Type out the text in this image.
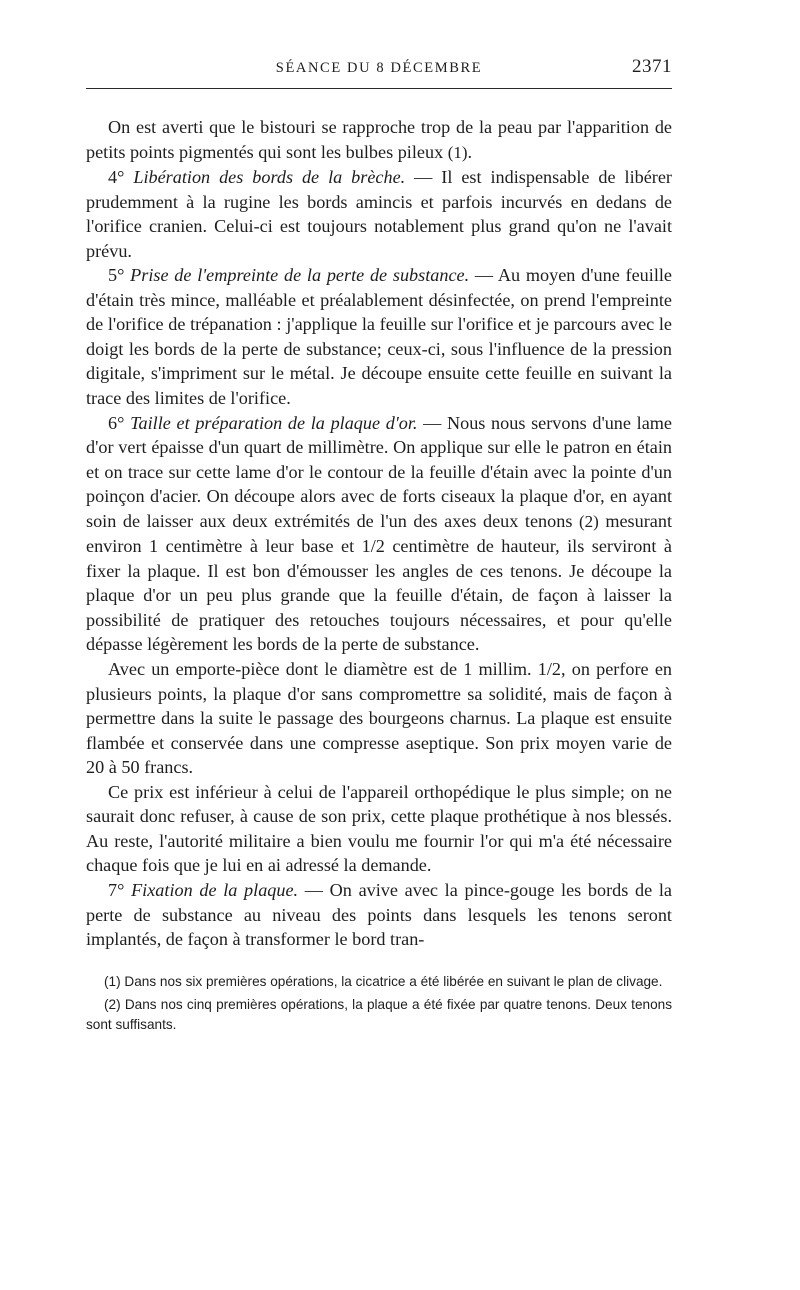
SÉANCE DU 8 DÉCEMBRE	2371

On est averti que le bistouri se rapproche trop de la peau par l'apparition de petits points pigmentés qui sont les bulbes pileux (1).

4° Libération des bords de la brèche. — Il est indispensable de libérer prudemment à la rugine les bords amincis et parfois incurvés en dedans de l'orifice cranien. Celui-ci est toujours notablement plus grand qu'on ne l'avait prévu.

5° Prise de l'empreinte de la perte de substance. — Au moyen d'une feuille d'étain très mince, malléable et préalablement désinfectée, on prend l'empreinte de l'orifice de trépanation : j'applique la feuille sur l'orifice et je parcours avec le doigt les bords de la perte de substance; ceux-ci, sous l'influence de la pression digitale, s'impriment sur le métal. Je découpe ensuite cette feuille en suivant la trace des limites de l'orifice.

6° Taille et préparation de la plaque d'or. — Nous nous servons d'une lame d'or vert épaisse d'un quart de millimètre. On applique sur elle le patron en étain et on trace sur cette lame d'or le contour de la feuille d'étain avec la pointe d'un poinçon d'acier. On découpe alors avec de forts ciseaux la plaque d'or, en ayant soin de laisser aux deux extrémités de l'un des axes deux tenons (2) mesurant environ 1 centimètre à leur base et 1/2 centimètre de hauteur, ils serviront à fixer la plaque. Il est bon d'émousser les angles de ces tenons. Je découpe la plaque d'or un peu plus grande que la feuille d'étain, de façon à laisser la possibilité de pratiquer des retouches toujours nécessaires, et pour qu'elle dépasse légèrement les bords de la perte de substance.

Avec un emporte-pièce dont le diamètre est de 1 millim. 1/2, on perfore en plusieurs points, la plaque d'or sans compromettre sa solidité, mais de façon à permettre dans la suite le passage des bourgeons charnus. La plaque est ensuite flambée et conservée dans une compresse aseptique. Son prix moyen varie de 20 à 50 francs.

Ce prix est inférieur à celui de l'appareil orthopédique le plus simple; on ne saurait donc refuser, à cause de son prix, cette plaque prothétique à nos blessés. Au reste, l'autorité militaire a bien voulu me fournir l'or qui m'a été nécessaire chaque fois que je lui en ai adressé la demande.

7° Fixation de la plaque. — On avive avec la pince-gouge les bords de la perte de substance au niveau des points dans lesquels les tenons seront implantés, de façon à transformer le bord tran-

(1) Dans nos six premières opérations, la cicatrice a été libérée en suivant le plan de clivage.

(2) Dans nos cinq premières opérations, la plaque a été fixée par quatre tenons. Deux tenons sont suffisants.
